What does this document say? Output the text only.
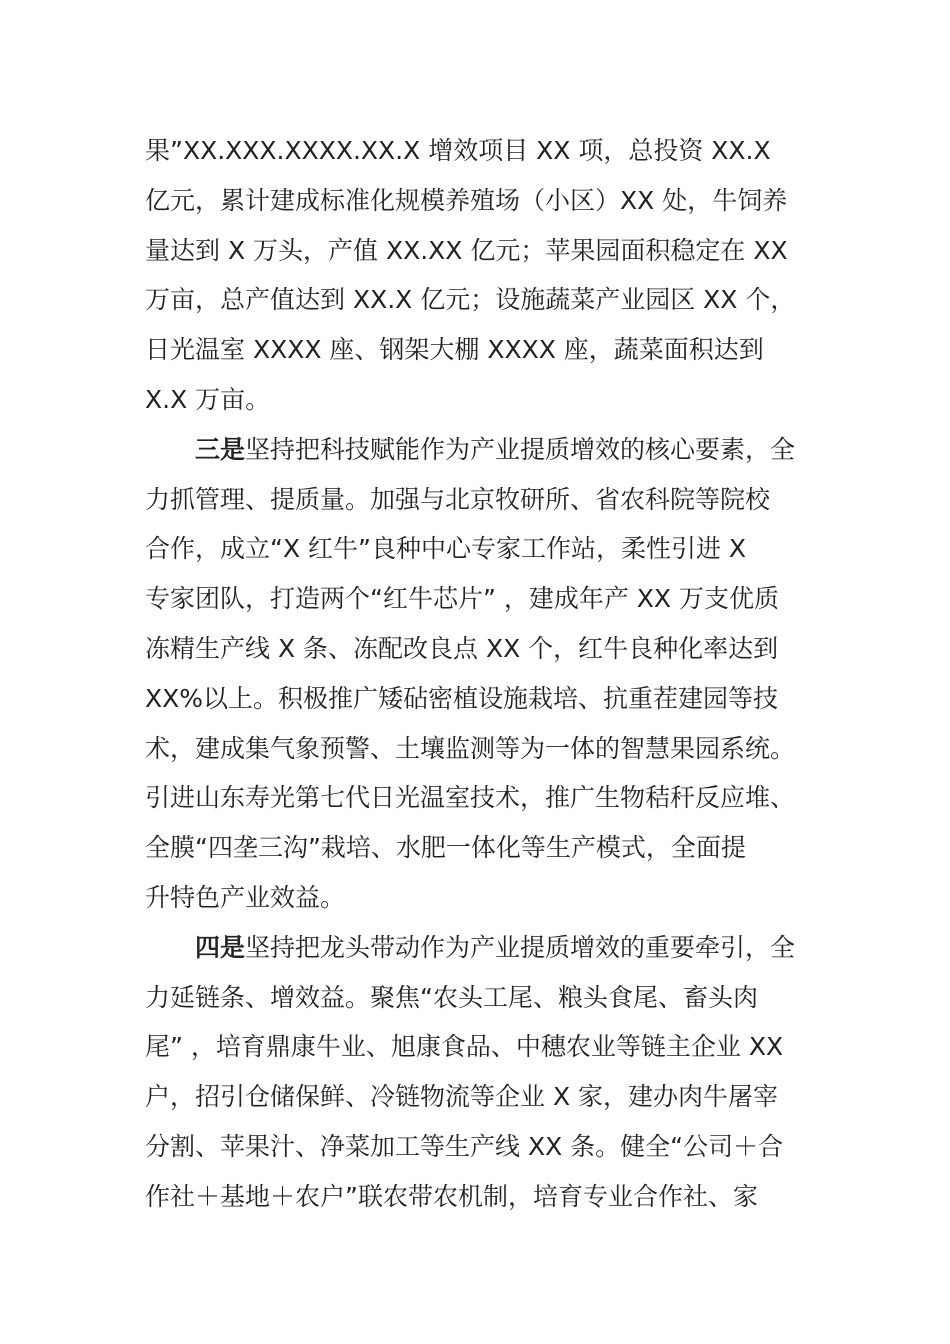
果”XX.XXX.XXXX.XX.X 增效项目 XX 项，总投资 XX.X
亿元，累计建成标准化规模养殖场（小区）XX 处，牛饲养
量达到 X 万头，产值 XX.XX 亿元；苹果园面积稳定在 XX
万亩，总产值达到 XX.X 亿元；设施蔬菜产业园区 XX 个，
日光温室 XXXX 座、钢架大棚 XXXX 座，蔬菜面积达到
X.X 万亩。
三是坚持把科技赋能作为产业提质增效的核心要素，全
力抓管理、提质量。加强与北京牧研所、省农科院等院校
合作，成立“X 红牛”良种中心专家工作站，柔性引进 X
专家团队，打造两个“红牛芯片” ，建成年产 XX 万支优质
冻精生产线 X 条、冻配改良点 XX 个，红牛良种化率达到
XX%以上。积极推广矮砧密植设施栽培、抗重茬建园等技
术，建成集气象预警、土壤监测等为一体的智慧果园系统。
引进山东寿光第七代日光温室技术，推广生物秸秆反应堆、
全膜“四垄三沟”栽培、水肥一体化等生产模式，全面提
升特色产业效益。
四是坚持把龙头带动作为产业提质增效的重要牵引，全
力延链条、增效益。聚焦“农头工尾、粮头食尾、畜头肉
尾” ，培育鼎康牛业、旭康食品、中穗农业等链主企业 XX
户，招引仓储保鲜、冷链物流等企业 X 家，建办肉牛屠宰
分割、苹果汁、净菜加工等生产线 XX 条。健全“公司＋合
作社＋基地＋农户”联农带农机制，培育专业合作社、家
